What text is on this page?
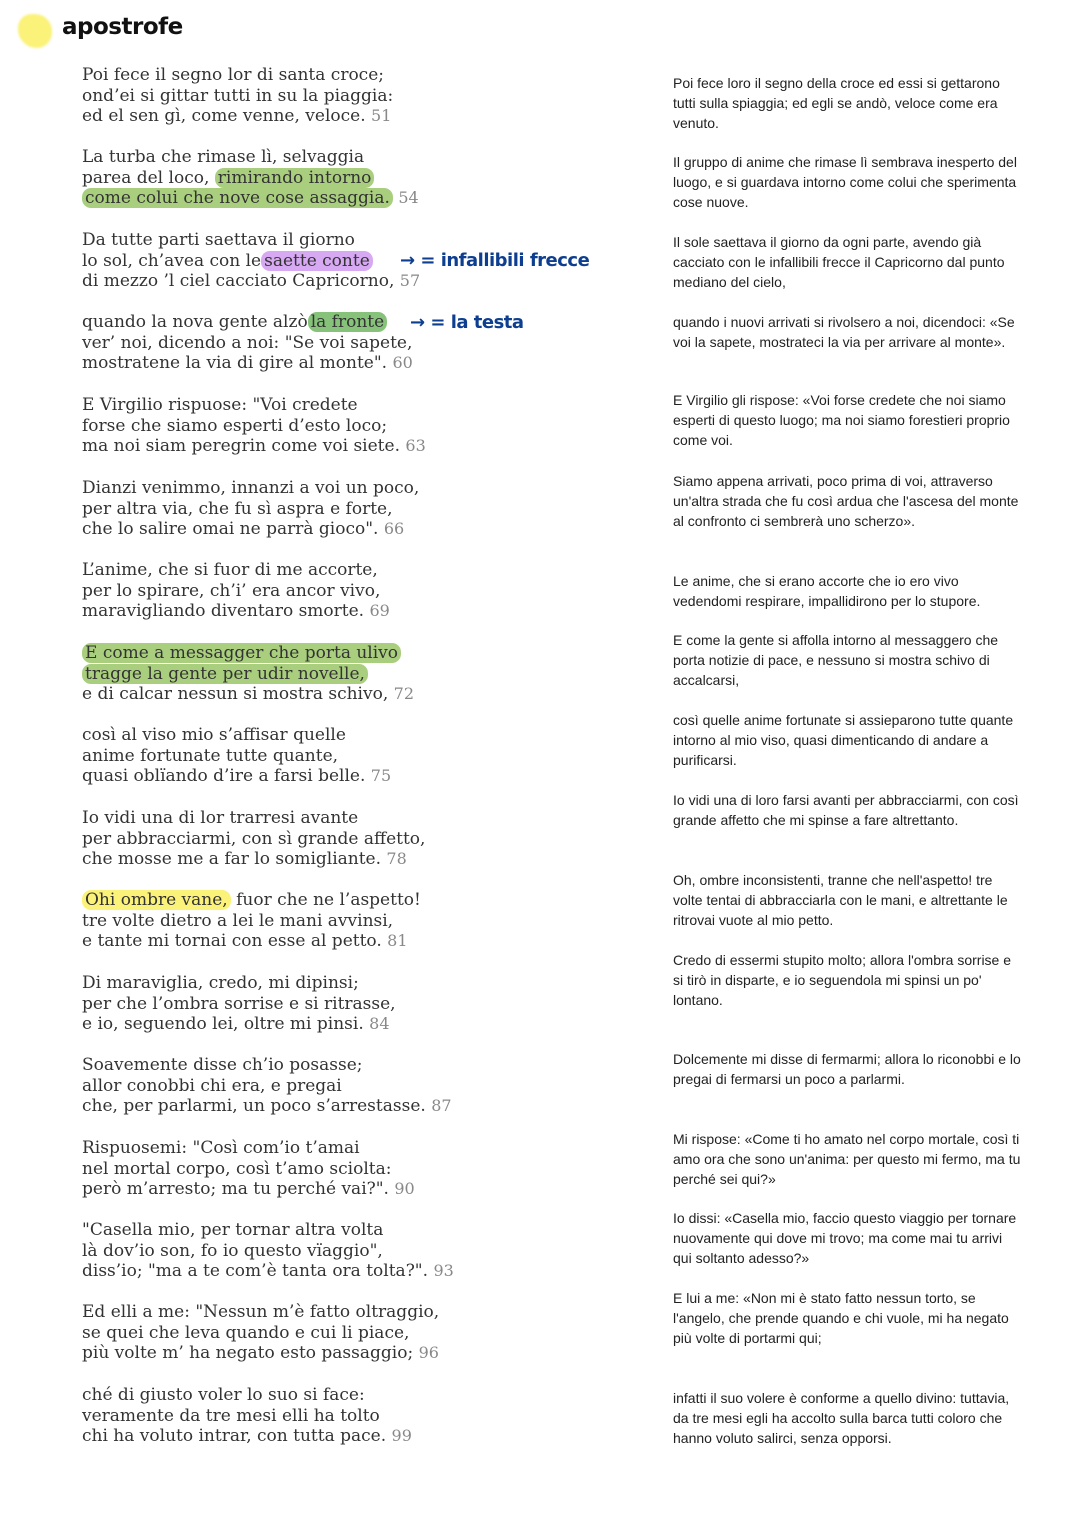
apostrofe
Poi fece il segno lor di santa croce;
ond’ei si gittar tutti in su la piaggia:
ed el sen gì, come venne, veloce. 51
La turba che rimase lì, selvaggia
parea del loco, rimirando intorno
come colui che nove cose assaggia. 54
Da tutte parti saettava il giorno
lo sol, ch’avea con le saette conte
di mezzo ’l ciel cacciato Capricorno, 57
quando la nova gente alzò la fronte
ver’ noi, dicendo a noi: "Se voi sapete,
mostratene la via di gire al monte". 60
E Virgilio rispuose: "Voi credete
forse che siamo esperti d’esto loco;
ma noi siam peregrin come voi siete. 63
Dianzi venimmo, innanzi a voi un poco,
per altra via, che fu sì aspra e forte,
che lo salire omai ne parrà gioco". 66
L’anime, che si fuor di me accorte,
per lo spirare, ch’i’ era ancor vivo,
maravigliando diventaro smorte. 69
E come a messagger che porta ulivo
tragge la gente per udir novelle,
e di calcar nessun si mostra schivo, 72
così al viso mio s’affisar quelle
anime fortunate tutte quante,
quasi oblïando d’ire a farsi belle. 75
Io vidi una di lor trarresi avante
per abbracciarmi, con sì grande affetto,
che mosse me a far lo somigliante. 78
Ohi ombre vane, fuor che ne l’aspetto!
tre volte dietro a lei le mani avvinsi,
e tante mi tornai con esse al petto. 81
Di maraviglia, credo, mi dipinsi;
per che l’ombra sorrise e si ritrasse,
e io, seguendo lei, oltre mi pinsi. 84
Soavemente disse ch’io posasse;
allor conobbi chi era, e pregai
che, per parlarmi, un poco s’arrestasse. 87
Rispuosemi: "Così com’io t’amai
nel mortal corpo, così t’amo sciolta:
però m’arresto; ma tu perché vai?". 90
"Casella mio, per tornar altra volta
là dov’io son, fo io questo vïaggio",
diss’io; "ma a te com’è tanta ora tolta?". 93
Ed elli a me: "Nessun m’è fatto oltraggio,
se quei che leva quando e cui li piace,
più volte m’ ha negato esto passaggio; 96
ché di giusto voler lo suo si face:
veramente da tre mesi elli ha tolto
chi ha voluto intrar, con tutta pace. 99
Poi fece loro il segno della croce ed essi si gettarono tutti sulla spiaggia; ed egli se andò, veloce come era venuto.
Il gruppo di anime che rimase lì sembrava inesperto del luogo, e si guardava intorno come colui che sperimenta cose nuove.
Il sole saettava il giorno da ogni parte, avendo già cacciato con le infallibili frecce il Capricorno dal punto mediano del cielo,
quando i nuovi arrivati si rivolsero a noi, dicendoci: «Se voi la sapete, mostrateci la via per arrivare al monte».
E Virgilio gli rispose: «Voi forse credete che noi siamo esperti di questo luogo; ma noi siamo forestieri proprio come voi.
Siamo appena arrivati, poco prima di voi, attraverso un'altra strada che fu così ardua che l'ascesa del monte al confronto ci sembrerà uno scherzo».
Le anime, che si erano accorte che io ero vivo vedendomi respirare, impallidirono per lo stupore.
E come la gente si affolla intorno al messaggero che porta notizie di pace, e nessuno si mostra schivo di accalcarsi,
così quelle anime fortunate si assieparono tutte quante intorno al mio viso, quasi dimenticando di andare a purificarsi.
Io vidi una di loro farsi avanti per abbracciarmi, con così grande affetto che mi spinse a fare altrettanto.
Oh, ombre inconsistenti, tranne che nell'aspetto! tre volte tentai di abbracciarla con le mani, e altrettante le ritrovai vuote al mio petto.
Credo di essermi stupito molto; allora l'ombra sorrise e si tirò in disparte, e io seguendola mi spinsi un po' lontano.
Dolcemente mi disse di fermarmi; allora lo riconobbi e lo pregai di fermarsi un poco a parlarmi.
Mi rispose: «Come ti ho amato nel corpo mortale, così ti amo ora che sono un'anima: per questo mi fermo, ma tu perché sei qui?»
Io dissi: «Casella mio, faccio questo viaggio per tornare nuovamente qui dove mi trovo; ma come mai tu arrivi qui soltanto adesso?»
E lui a me: «Non mi è stato fatto nessun torto, se l'angelo, che prende quando e chi vuole, mi ha negato più volte di portarmi qui;
infatti il suo volere è conforme a quello divino: tuttavia, da tre mesi egli ha accolto sulla barca tutti coloro che hanno voluto salirci, senza opporsi.
→ = infallibili frecce
→ = la testa
